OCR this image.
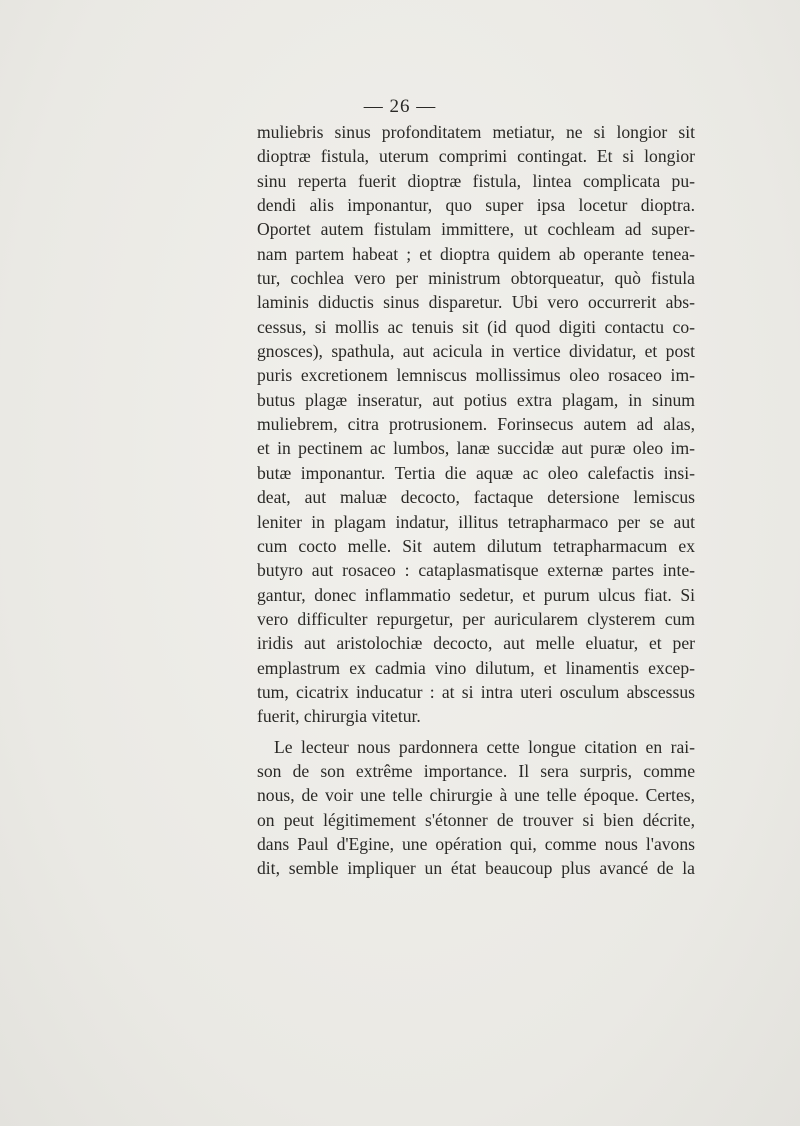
— 26 —
muliebris sinus profonditatem metiatur, ne si longior sit
dioptræ fistula, uterum comprimi contingat. Et si longior
sinu reperta fuerit dioptræ fistula, lintea complicata pu-
dendi alis imponantur, quo super ipsa locetur dioptra.
Oportet autem fistulam immittere, ut cochleam ad super-
nam partem habeat ; et dioptra quidem ab operante tenea-
tur, cochlea vero per ministrum obtorqueatur, quò fistula
laminis diductis sinus disparetur. Ubi vero occurrerit abs-
cessus, si mollis ac tenuis sit (id quod digiti contactu co-
gnosces), spathula, aut acicula in vertice dividatur, et post
puris excretionem lemniscus mollissimus oleo rosaceo im-
butus plagæ inseratur, aut potius extra plagam, in sinum
muliebrem, citra protrusionem. Forinsecus autem ad alas,
et in pectinem ac lumbos, lanæ succidæ aut puræ oleo im-
butæ imponantur. Tertia die aquæ ac oleo calefactis insi-
deat, aut maluæ decocto, factaque detersione lemiscus
leniter in plagam indatur, illitus tetrapharmaco per se aut
cum cocto melle. Sit autem dilutum tetrapharmacum ex
butyro aut rosaceo : cataplasmatisque externæ partes inte-
gantur, donec inflammatio sedetur, et purum ulcus fiat. Si
vero difficulter repurgetur, per auricularem clysterem cum
iridis aut aristolochiæ decocto, aut melle eluatur, et per
emplastrum ex cadmia vino dilutum, et linamentis excep-
tum, cicatrix inducatur : at si intra uteri osculum abscessus
fuerit, chirurgia vitetur.
Le lecteur nous pardonnera cette longue citation en rai-
son de son extrême importance. Il sera surpris, comme
nous, de voir une telle chirurgie à une telle époque. Certes,
on peut légitimement s'étonner de trouver si bien décrite,
dans Paul d'Egine, une opération qui, comme nous l'avons
dit, semble impliquer un état beaucoup plus avancé de la
